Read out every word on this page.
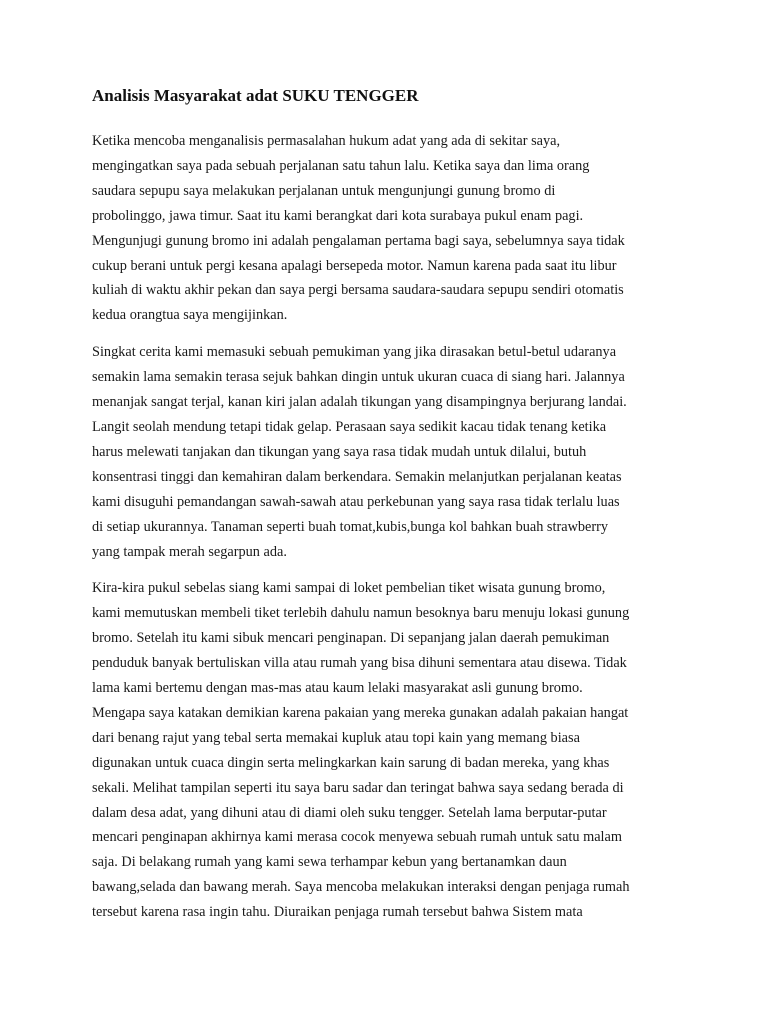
Analisis Masyarakat adat SUKU TENGGER
Ketika mencoba menganalisis permasalahan hukum adat yang ada di sekitar saya,
mengingatkan saya pada sebuah perjalanan satu tahun lalu. Ketika saya dan lima orang
saudara sepupu saya melakukan perjalanan untuk mengunjungi gunung bromo di
probolinggo, jawa timur. Saat itu kami berangkat dari kota surabaya pukul enam pagi.
Mengunjugi gunung bromo ini adalah pengalaman pertama bagi saya, sebelumnya saya tidak
cukup berani untuk pergi kesana apalagi bersepeda motor. Namun karena pada saat itu libur
kuliah di waktu akhir pekan dan saya pergi bersama saudara-saudara sepupu sendiri otomatis
kedua orangtua saya mengijinkan.
Singkat cerita kami memasuki sebuah pemukiman yang jika dirasakan betul-betul udaranya
semakin lama semakin terasa sejuk bahkan dingin untuk ukuran cuaca di siang hari. Jalannya
menanjak sangat terjal, kanan kiri jalan adalah tikungan yang disampingnya berjurang landai.
Langit seolah mendung tetapi tidak gelap. Perasaan saya sedikit kacau tidak tenang ketika
harus melewati tanjakan dan tikungan yang saya rasa tidak mudah untuk dilalui, butuh
konsentrasi tinggi dan kemahiran dalam berkendara. Semakin melanjutkan perjalanan keatas
kami disuguhi pemandangan sawah-sawah atau perkebunan yang saya rasa tidak terlalu luas
di setiap ukurannya. Tanaman seperti buah tomat,kubis,bunga kol bahkan buah strawberry
yang tampak merah segarpun ada.
Kira-kira pukul sebelas siang kami sampai di loket pembelian tiket wisata gunung bromo,
kami memutuskan membeli tiket terlebih dahulu namun besoknya baru menuju lokasi gunung
bromo. Setelah itu kami sibuk mencari penginapan. Di sepanjang jalan daerah pemukiman
penduduk banyak bertuliskan villa atau rumah yang bisa dihuni sementara atau disewa. Tidak
lama kami bertemu dengan mas-mas atau kaum lelaki masyarakat asli gunung bromo.
Mengapa saya katakan demikian karena pakaian yang mereka gunakan adalah pakaian hangat
dari benang rajut yang tebal serta memakai kupluk atau topi kain yang memang biasa
digunakan untuk cuaca dingin serta melingkarkan kain sarung di badan mereka, yang khas
sekali. Melihat tampilan seperti itu saya baru sadar dan teringat bahwa saya sedang berada di
dalam desa adat, yang dihuni atau di diami oleh suku tengger. Setelah lama berputar-putar
mencari penginapan akhirnya kami merasa cocok menyewa sebuah rumah untuk satu malam
saja. Di belakang rumah yang kami sewa terhampar kebun yang bertanamkan daun
bawang,selada dan bawang merah. Saya mencoba melakukan interaksi dengan penjaga rumah
tersebut karena rasa ingin tahu. Diuraikan penjaga rumah tersebut bahwa Sistem mata
